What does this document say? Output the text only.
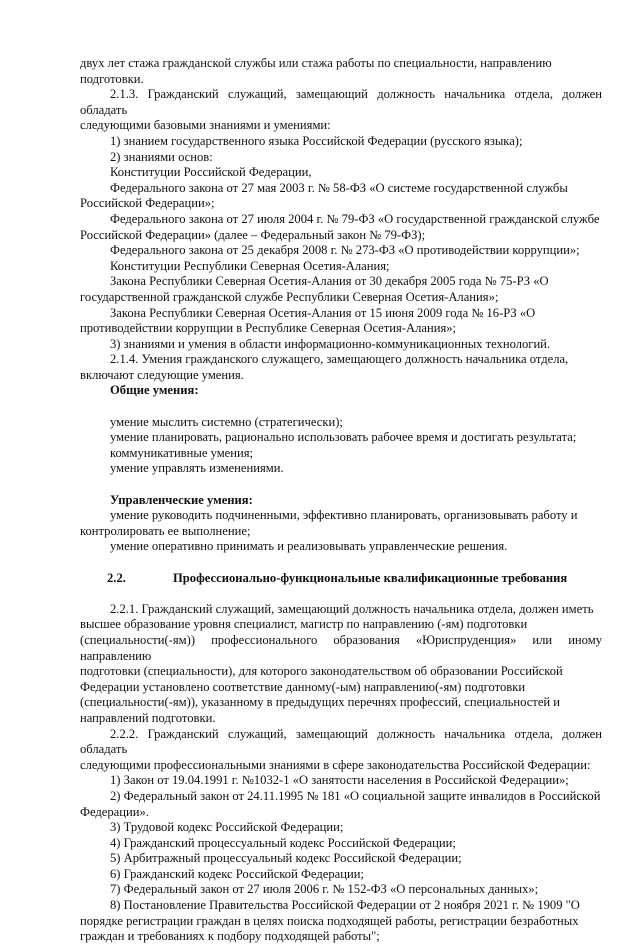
двух лет стажа гражданской службы или стажа работы по специальности, направлению

подготовки.

2.1.3. Гражданский служащий, замещающий должность начальника отдела, должен обладать

следующими базовыми знаниями и умениями:

1) знанием государственного языка Российской Федерации (русского языка);

2) знаниями основ:

Конституции Российской Федерации,

Федерального закона от 27 мая 2003 г. № 58-ФЗ «О системе государственной службы

Российской Федерации»;

Федерального закона от 27 июля 2004 г. № 79-ФЗ «О государственной гражданской службе

Российской Федерации» (далее – Федеральный закон № 79-ФЗ);

Федерального закона от 25 декабря 2008 г. № 273-ФЗ «О противодействии коррупции»;

Конституции Республики Северная Осетия-Алания;

Закона Республики Северная Осетия-Алания от 30 декабря 2005 года № 75-РЗ «О

государственной гражданской службе Республики Северная Осетия-Алания»;

Закона Республики Северная Осетия-Алания от 15 июня 2009 года № 16-РЗ «О

противодействии коррупции в Республике Северная Осетия-Алания»;

3) знаниями и умения в области информационно-коммуникационных технологий.

2.1.4. Умения гражданского служащего, замещающего должность начальника отдела,

включают следующие умения.

Общие умения:

умение мыслить системно (стратегически);

умение планировать, рационально использовать рабочее время и достигать результата;

коммуникативные умения;

умение управлять изменениями.

Управленческие умения:

умение руководить подчиненными, эффективно планировать, организовывать работу и

контролировать ее выполнение;

умение оперативно принимать и реализовывать управленческие решения.

2.2.	Профессионально-функциональные квалификационные требования

2.2.1. Гражданский служащий, замещающий должность начальника отдела, должен иметь

высшее образование уровня специалист, магистр по направлению (-ям) подготовки

(специальности(-ям)) профессионального образования «Юриспруденция» или иному направлению

подготовки (специальности), для которого законодательством об образовании Российской

Федерации установлено соответствие данному(-ым) направлению(-ям) подготовки

(специальности(-ям)), указанному в предыдущих перечнях профессий, специальностей и

направлений подготовки.

2.2.2. Гражданский служащий, замещающий должность начальника отдела, должен обладать

следующими профессиональными знаниями в сфере законодательства Российской Федерации:

1) Закон от 19.04.1991 г. №1032-1 «О занятости населения в Российской Федерации»;

2) Федеральный закон от 24.11.1995 № 181 «О социальной защите инвалидов в Российской

Федерации».

3) Трудовой кодекс Российской Федерации;

4) Гражданский процессуальный кодекс Российской Федерации;

5) Арбитражный процессуальный кодекс Российской Федерации;

6) Гражданский кодекс Российской Федерации;

7) Федеральный закон от 27 июля 2006 г. № 152-ФЗ «О персональных данных»;

8) Постановление Правительства Российской Федерации от 2 ноября 2021 г. № 1909 "О

порядке регистрации граждан в целях поиска подходящей работы, регистрации безработных

граждан и требованиях к подбору подходящей работы";
